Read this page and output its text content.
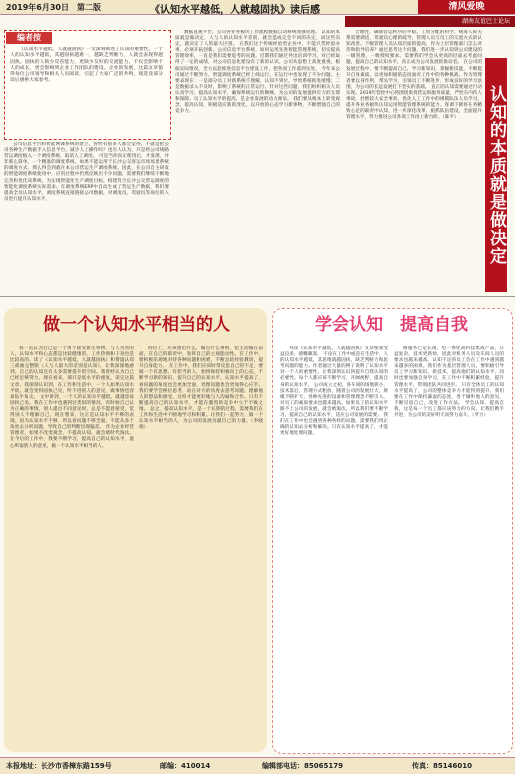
2019年6月30日　第二版	《认知水平越低，人就越固执》读后感	清风爱晚
湖南友谊巴士论坛
编者按
《认知水平越低，人就越固执》一文深刻阐述了认知的重要性。一个人的认知水平越低，其越固执越难一，越缺乏判断力，人就会表现得越固执。固执的人缺少反省能力，更缺少友好的交流能力，不仅会影响个人的成长，更会影响到企业工作团队的建设。企业的发展，这篇文章值得每位公司领导和相关人员阅读，引起了大家广泛的共鸣，现选登部分读后感供大家参考。
公司信息平台和智能网课系统的建立，曾经有很多人都会觉得，不就是把公司各种生产数据手入信息平台，减少人工操作吗？也有人认为，只是将公司线路营运调度植入一个调度系统，取消人工调度。 可是当你真正使用后，才发现，并非那么简单，一个精准的调度系统，如果不能运用于长沙公交客运市场场景系统的调度方式，那么得会到就在本公司营运生产调度系统。因此，在公司自主研发的智能调度系统使用中，应用过程中仍然反映出不少问题，需要我们继续不断地完善和优化该系统，为实现智能化生产调度目标，构建符合长沙公交营运调度的智能化调度系统实际需求。在调度系统ERP中自动生成了营运生产数据，我们要提高全员认知水平，调度系统直接链接公司数据，对调度员、驾驶员等岗位的人员进行提升认知水平。
数据直观平台，公司各业务板块工作流程数据自动系统加强管理。 认知的本质就是做决定，人与人的认知水平差别，就会造成完全不同的决定，而这些决定，就决定了人的最大区别。 在我们这个传统经验型企业中，不能只凭经验办事，必须开拓创新。公司信息平台系统，如何运用先进智能管理系统，切实提高管理效率，一直是我们需要思考的问题。近期我们通过外出培训学习，对已经取得了一定的成绩，对公司信息化建设有了新的认识。公司从思想上高度重视，根据实际情况，全力以赴推进信息平台建设工作，把各项工作落到实处。 今年来公司通过不断努力，智能调度系统已经上线运行，在运行中也发现了不少问题，主要表现在：一是部分员工对新系统不理解，认知不到位，导致系统推进缓慢；二是数据录入不及时，影响了系统的正常运行。针对这些问题，我们组织相关人员认真学习，提高认知水平，确保系统运行的顺畅，为公司的发展提供有力的支撑和保障。员工认知水平的提高，是企业发展的动力源泉。 我们要从根本上转变观念，提高认知，积极适应新的变化，以开放的心态学习新事物，不断增强自己的竞争力。
合理性，确保营运秩序的平稳。工资分配的科学、统筹人际关系需要调适，驾驶员心理的疏导，管理人员与员工的交流方式的认知改善。下级管理人员认知层面的提高，作为上层管理部门怎么对待和指导培养？通过思考这个问题，我们进一步认知到公司建设的一级管理，一级授权要求。需要我们学会从更高的层面去考虑问题，提高自己的认知水平，真正成为公司发展的推动者。 在公司的发展过程中，要不断提高自己，学习新知识，掌握新技能，不断提升自身素质，以更加积极的态度面对工作中的各种挑战。作为管理者要以身作则，带头学习，引领员工不断进步，形成良好的学习氛围，为公司的长远发展打下坚实的基础。 直正的认知需要通过行动实现。2019年营控中心将围绕奥真营运和服务质量，严控车内伤人事故，杜绝较大安全事故，优化人工工作中的规模队伍人员学习，提升各业务板块认知运用智能管理系统的能力。客调下降将在务精致心足的职责中认知，进一步深化改革，狠抓队伍建设，全面提升管理水平，努力推进公司各项工作再上新台阶。（陈平）	认知的本质就是做决定
做一个认知水平相当的人
我一直认为自己是一个勇于接受新生事物、与人为善的人，认知水平和心态都是比较健康的，工作热情和干劲也是比较高的。读了《认知水平越低，人就越固执》和帮盛认知三部曲完整版《人与人最大的差别是认知》，让我深深地感到，自己的认知还有太多需要提升的空间。我曾经认为自己已经足够努力，现在看来，那只是低水平的重复。读完这篇文章，我深刻认识到，在工作和生活中，一个人如果认知水平低，就会变得固执己见，听不进别人的意见，做事情也容易钻牛角尖。 文中讲到，一个人的认知水平越低，就越容易固执己见。我在工作中也遇到过类似的情况，有时候自己认为正确的事情，别人提出不同意见时，总是不愿意接受，觉得别人不理解自己。现在想来，这正是认知水平不够的表现。因为认知水平不够，所以看问题不够全面，不能从多个角度去分析问题，导致自己的判断出现偏差。 作为企业经营管理者，如果不改变观念，不提高认知，就会被时代淘汰。在今后的工作中，我要不断学习，提高自己的认知水平，虚心听取别人的意见，做一个认知水平相当的人。
同位上，应该想出什么，做点什么事情，把主动做在前面，在自己的职责中，发挥自己的主观能动性。在工作中，要积极乐观地对待各种问题和困难，不断总结经验教训，提升自身能力。 在工作中，我们应该时常反思自己的不足，要做一个有思想、有担当的人，始终保持积极向上的心态，不断学习新的知识，提升自己的认知水平。认知水平提高了，看问题的角度也会更加全面，处理问题也会更加得心应手。 我们要学会换位思考，站在对方的角度去思考问题，理解他人的想法和感受，这样才能更好地与人沟通和合作。只有不断提高自己的认知水平，才能在激烈的竞争中立于不败之地。 总之，提高认知水平，是一个长期的过程，需要我们在工作和生活中不断地学习和积累。让我们一起努力，做一个认知水平相当的人，为公司的发展贡献自己的力量。（李晓娟）
学会认知　提高自我
拜读《认知水平越低，人就越固执》文章使我受益良多，感慨颇深。 不论在工作中或是在生活中，人的认知水平越低，其思维就越固执，缺乏判断力和思考问题的能力。作者通过大量的例子说明了认知水平对一个人的重要性，让我深刻认识到提升自我认知的必要性。每个人都应该不断学习，开阔视野，提高自身的认知水平。 公司成立之初，各车间的场地狭小，技术落后，管理方式粗放，随着公司的发展壮大，规模不断扩大，各种先进的设备和管理理念不断引入，对员工的素质要求也越来越高。如果员工的认知水平跟不上公司的发展，就会被淘汰。所以我们要不断学习，提高自己的认知水平，适应公司发展的需要。 我们在工作中也会遇到各种各样的问题，需要我们用正确的认知去分析和解决。只有认知水平提高了，才能更好地处理问题。
修服务已是长项，电一体化高科技集成产品，日益复杂。技术更新快，因此对机务人员及车间人员的要求也越来越高。认知不足的员工会在工作中遇到越来越多的困难。我们作为基层管理人员，要积极引导员工学习新知识、新技术，提高他们的认知水平。同时也要加强自身学习，在工作中不断积累经验，提升管理水平，带领团队共同进步。 只有全体员工的认知水平提高了，公司的整体竞争力才能得到提升。我们要在工作中保持谦虚的态度，善于倾听他人的意见，不断反思自己，改进工作方法。 学会认知，提高自我，这是每一个员工都应该努力的方向。让我们携手共进，为公司的美好明天而努力奋斗。（罗力）
本报地址：长沙市香樟东路159号	邮编：410014	编辑部电话：85065179	传真：85146010
